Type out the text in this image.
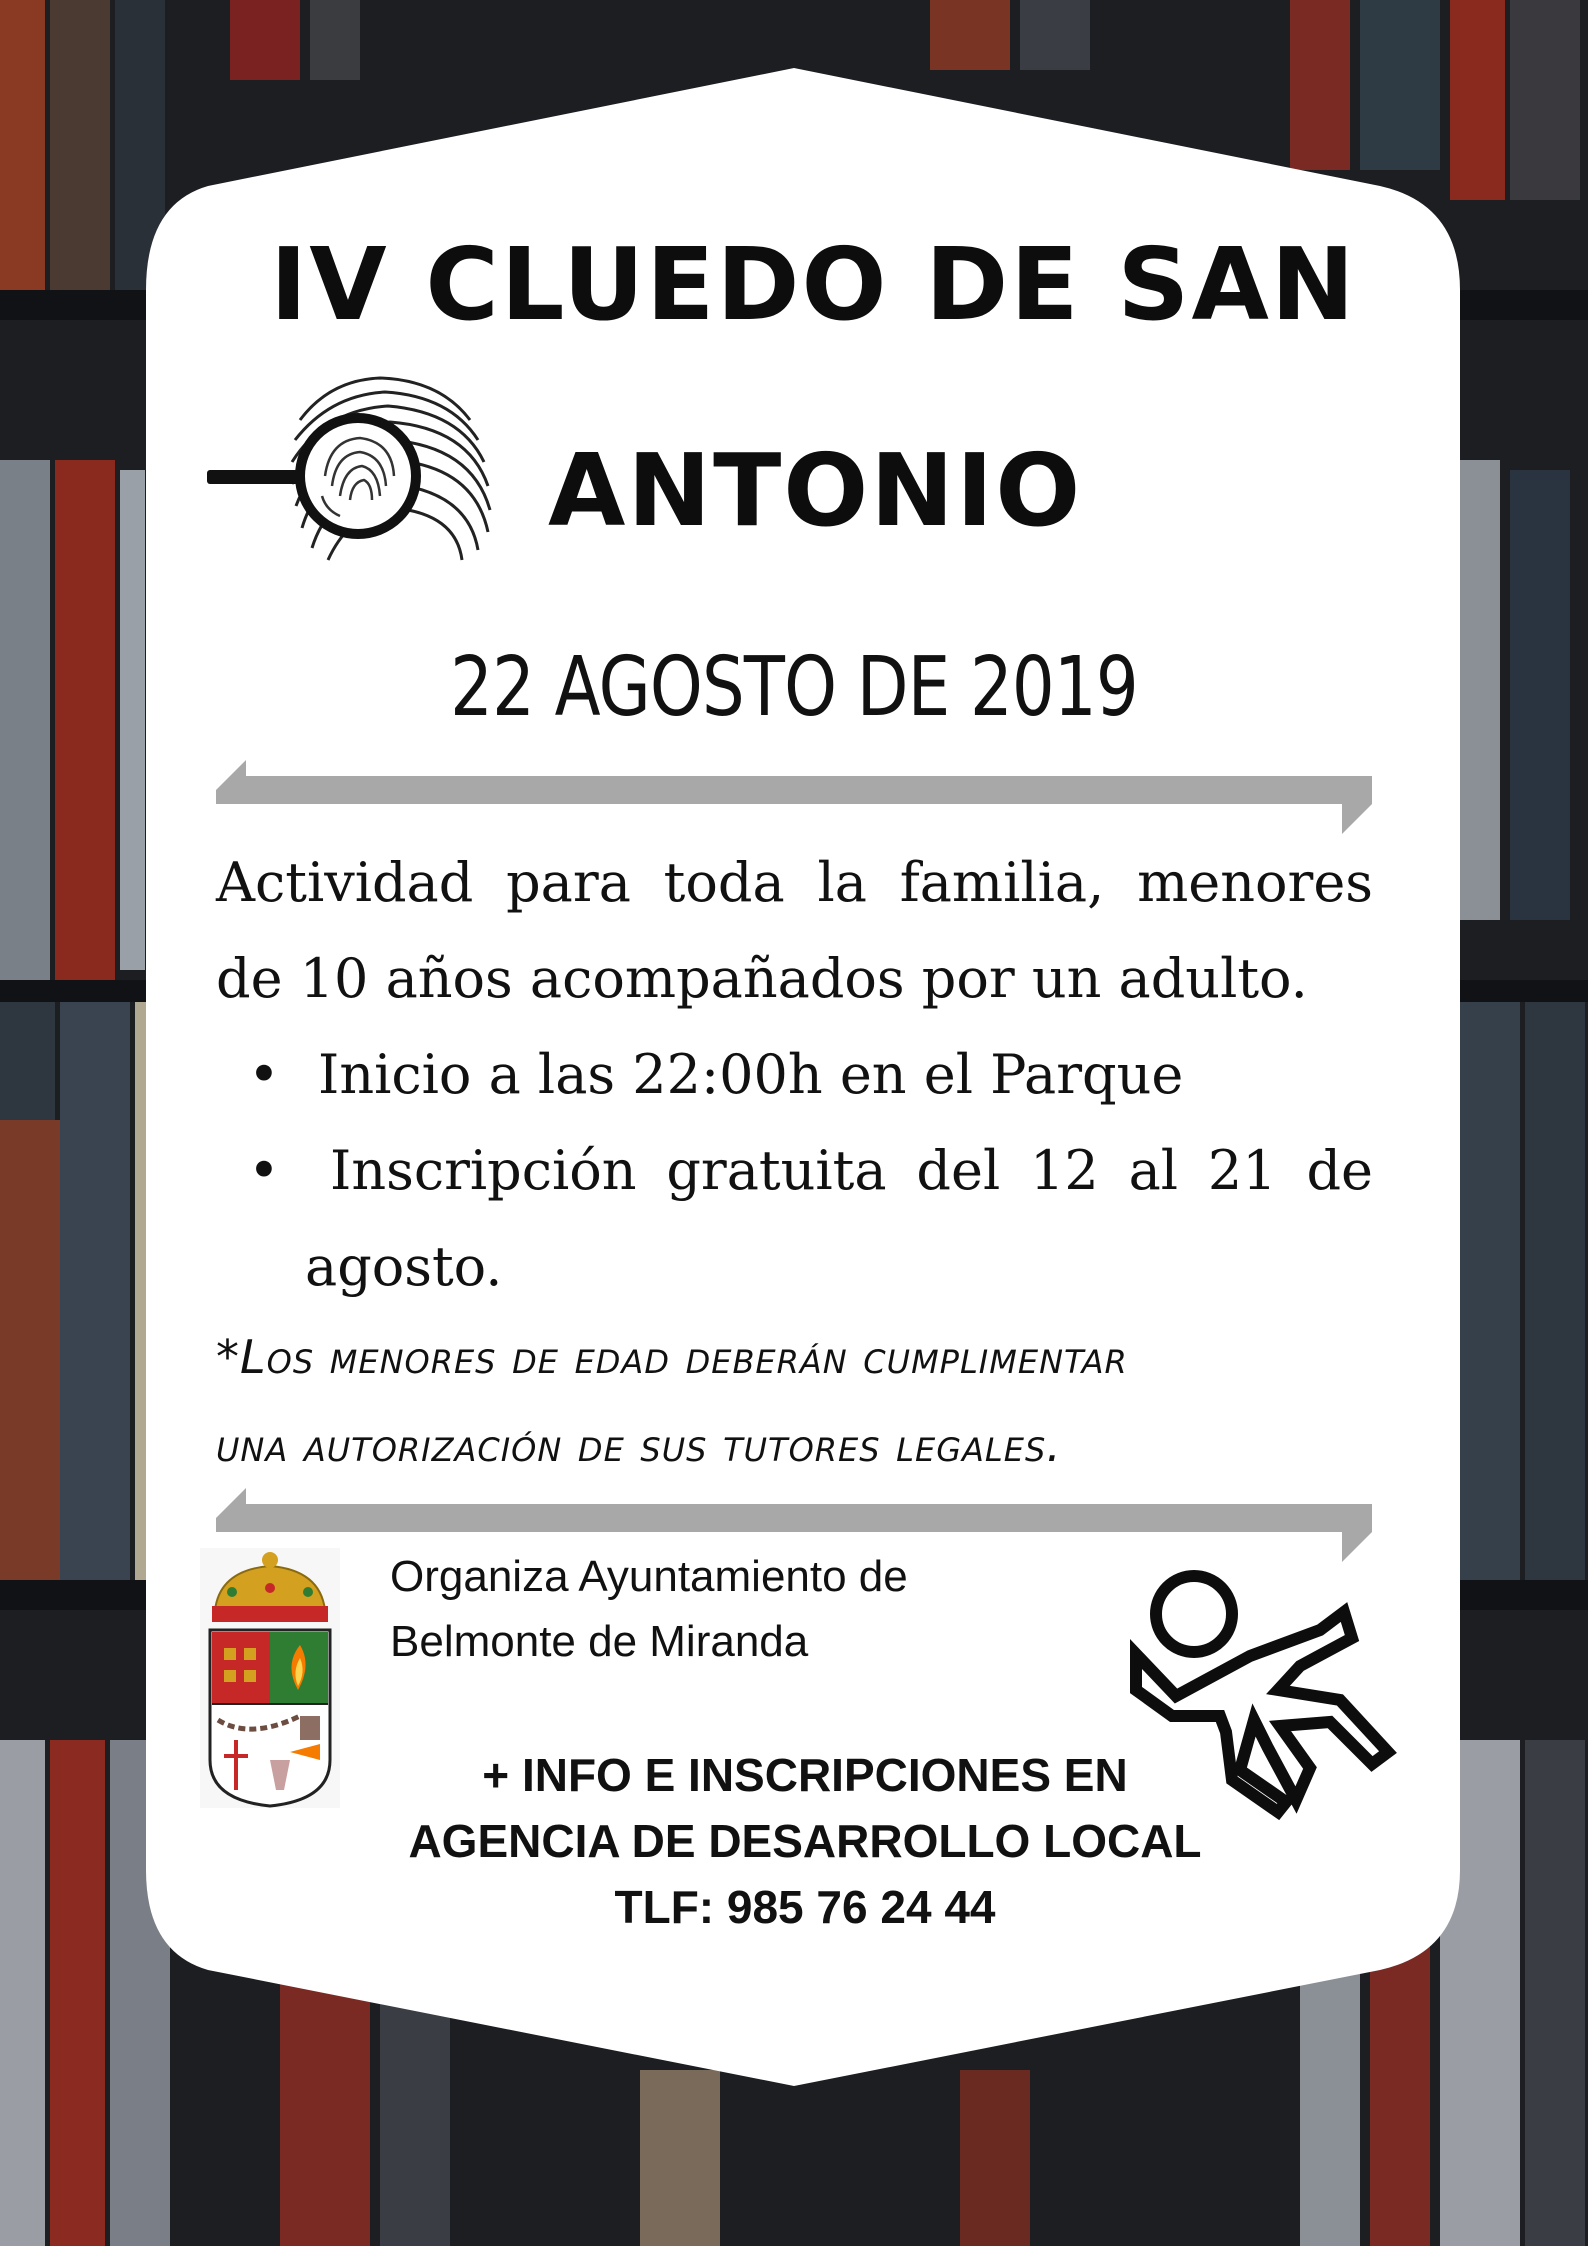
IV CLUEDO DE SAN
ANTONIO
22 AGOSTO DE 2019
Actividad para toda la familia, menores
de 10 años acompañados por un adulto.
• Inicio a las 22:00h en el Parque
• Inscripción gratuita del 12 al 21 de
agosto.
*Los menores de edad deberán cumplimentar
una autorización de sus tutores legales.
Organiza Ayuntamiento de
Belmonte de Miranda
+ INFO E INSCRIPCIONES EN
AGENCIA DE DESARROLLO LOCAL
TLF: 985 76 24 44
